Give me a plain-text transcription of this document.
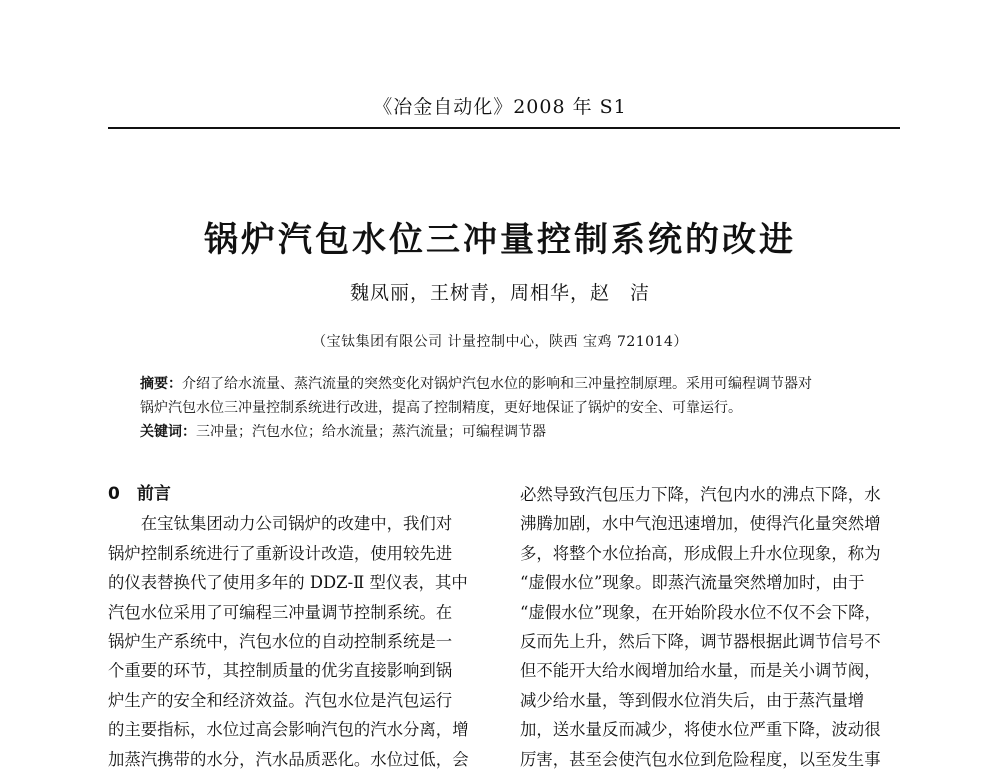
《冶金自动化》2008 年 S1
锅炉汽包水位三冲量控制系统的改进
魏凤丽，王树青，周相华，赵　洁
（宝钛集团有限公司 计量控制中心，陕西 宝鸡 721014）

摘要：介绍了给水流量、蒸汽流量的突然变化对锅炉汽包水位的影响和三冲量控制原理。采用可编程调节器对

锅炉汽包水位三冲量控制系统进行改进，提高了控制精度，更好地保证了锅炉的安全、可靠运行。

关键词：三冲量；汽包水位；给水流量；蒸汽流量；可编程调节器

0　前言
　　在宝钛集团动力公司锅炉的改建中，我们对
锅炉控制系统进行了重新设计改造，使用较先进
的仪表替换代了使用多年的 DDZ-Ⅱ 型仪表，其中
汽包水位采用了可编程三冲量调节控制系统。在
锅炉生产系统中，汽包水位的自动控制系统是一
个重要的环节，其控制质量的优劣直接影响到锅
炉生产的安全和经济效益。汽包水位是汽包运行
的主要指标，水位过高会影响汽包的汽水分离，增
加蒸汽携带的水分，汽水品质恶化。水位过低，会
必然导致汽包压力下降，汽包内水的沸点下降，水
沸腾加剧，水中气泡迅速增加，使得汽化量突然增
多，将整个水位抬高，形成假上升水位现象，称为
“虚假水位”现象。即蒸汽流量突然增加时，由于
“虚假水位”现象，在开始阶段水位不仅不会下降，
反而先上升，然后下降，调节器根据此调节信号不
但不能开大给水阀增加给水量，而是关小调节阀，
减少给水量，等到假水位消失后，由于蒸汽量增
加，送水量反而减少，将使水位严重下降，波动很
厉害，甚至会使汽包水位到危险程度，以至发生事
